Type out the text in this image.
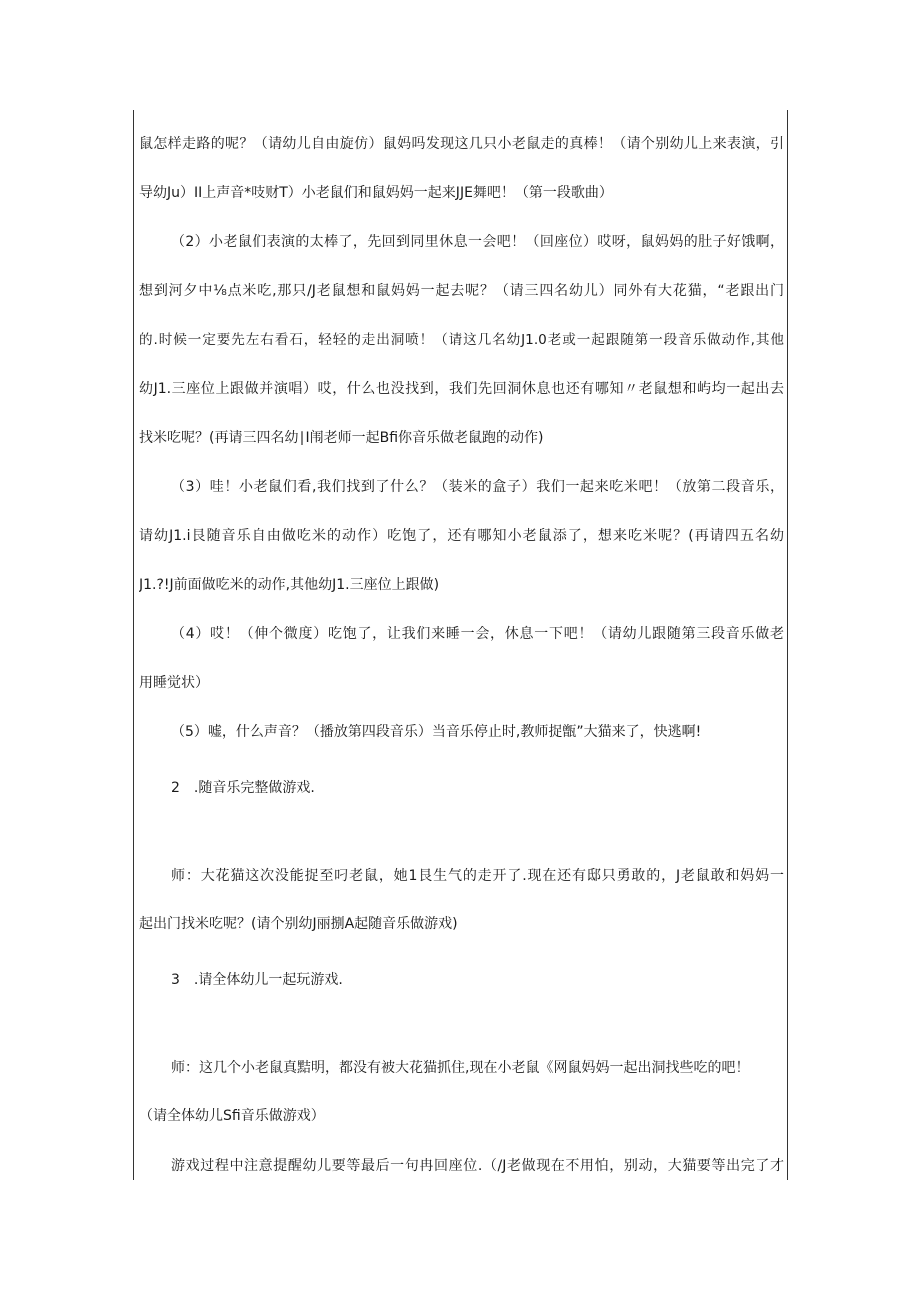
鼠怎样走路的呢？（请幼儿自由旋仿）鼠妈吗发现这几只小老鼠走的真棒！（请个别幼儿上来表演，引
导幼Ju）II上声音*吱财T）小老鼠们和鼠妈妈一起来JJE舞吧！（第一段歌曲）
（2）小老鼠们表演的太棒了，先回到同里休息一会吧！（回座位）哎呀，鼠妈妈的肚子好饿啊，
想到河夕中⅛点米吃,那只/J老鼠想和鼠妈妈一起去呢？（请三四名幼儿）同外有大花猫，“老跟出门
的.时候一定要先左右看石，轻轻的走出洞喷！（请这几名幼J1.0老或一起跟随第一段音乐做动作,其他
幼J1.三座位上跟做并演唱）哎，什么也没找到，我们先回洞休息也还有哪知〃老鼠想和屿均一起出去
找米吃呢？(再请三四名幼∣I闱老师一起Bfi你音乐做老鼠跑的动作)
（3）哇！小老鼠们看,我们找到了什么？（装米的盒子）我们一起来吃米吧！（放第二段音乐，
请幼J1.i艮随音乐自由做吃米的动作）吃饱了，还有哪知小老鼠添了，想来吃米呢？(再请四五名幼
J1.?!J前面做吃米的动作,其他幼J1.三座位上跟做)
（4）哎！（伸个微度）吃饱了，让我们来睡一会，休息一下吧！（请幼儿跟随第三段音乐做老
用睡觉状）
（5）嘘，什么声音？（播放第四段音乐）当音乐停止时,教师捉甑”大猫来了，快逃啊!
2　.随音乐完整做游戏.
师：大花猫这次没能捉至叼老鼠，她1艮生气的走开了.现在还有邸只勇敢的，J老鼠敢和妈妈一
起出门找米吃呢？(请个别幼J丽捌A起随音乐做游戏)
3　.请全体幼儿一起玩游戏.
师：这几个小老鼠真黠明，都没有被大花猫抓住,现在小老鼠《网鼠妈妈一起出洞找些吃的吧！
（请全体幼儿Sfi音乐做游戏）
游戏过程中注意提醒幼儿要等最后一句冉回座位.（/J老做现在不用怕，别动，大猫要等出完了才
